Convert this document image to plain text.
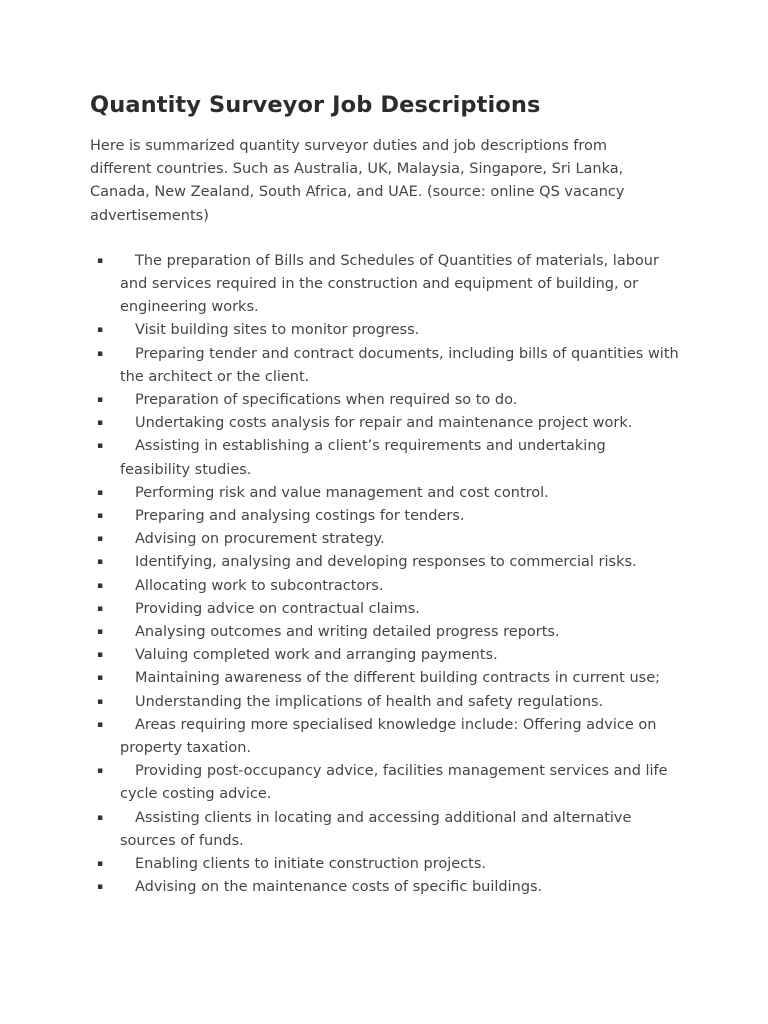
Quantity Surveyor Job Descriptions

Here is summarized quantity surveyor duties and job descriptions from different countries. Such as Australia, UK, Malaysia, Singapore, Sri Lanka, Canada, New Zealand, South Africa, and UAE. (source: online QS vacancy advertisements)

▪	The preparation of Bills and Schedules of Quantities of materials, labour and services required in the construction and equipment of building, or engineering works.
▪	Visit building sites to monitor progress.
▪	Preparing tender and contract documents, including bills of quantities with the architect or the client.
▪	Preparation of specifications when required so to do.
▪	Undertaking costs analysis for repair and maintenance project work.
▪	Assisting in establishing a client’s requirements and undertaking feasibility studies.
▪	Performing risk and value management and cost control.
▪	Preparing and analysing costings for tenders.
▪	Advising on procurement strategy.
▪	Identifying, analysing and developing responses to commercial risks.
▪	Allocating work to subcontractors.
▪	Providing advice on contractual claims.
▪	Analysing outcomes and writing detailed progress reports.
▪	Valuing completed work and arranging payments.
▪	Maintaining awareness of the different building contracts in current use;
▪	Understanding the implications of health and safety regulations.
▪	Areas requiring more specialised knowledge include: Offering advice on property taxation.
▪	Providing post-occupancy advice, facilities management services and life cycle costing advice.
▪	Assisting clients in locating and accessing additional and alternative sources of funds.
▪	Enabling clients to initiate construction projects.
▪	Advising on the maintenance costs of specific buildings.
